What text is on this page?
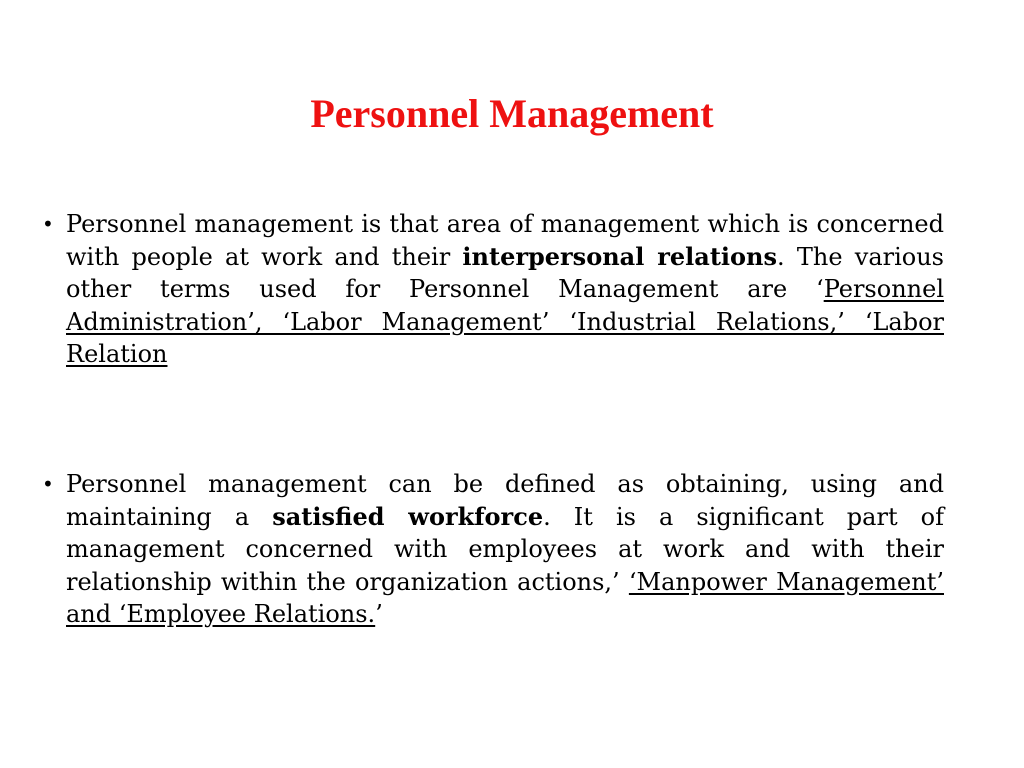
Personnel Management
• Personnel management is that area of management which is concerned with people at work and their interpersonal relations. The various other terms used for Personnel Management are ‘Personnel Administration’, ‘Labor Management’ ‘Industrial Relations,’ ‘Labor Relation

• Personnel management can be defined as obtaining, using and maintaining a satisfied workforce. It is a significant part of management concerned with employees at work and with their relationship within the organization actions,’ ‘Manpower Management’ and ‘Employee Relations.’
